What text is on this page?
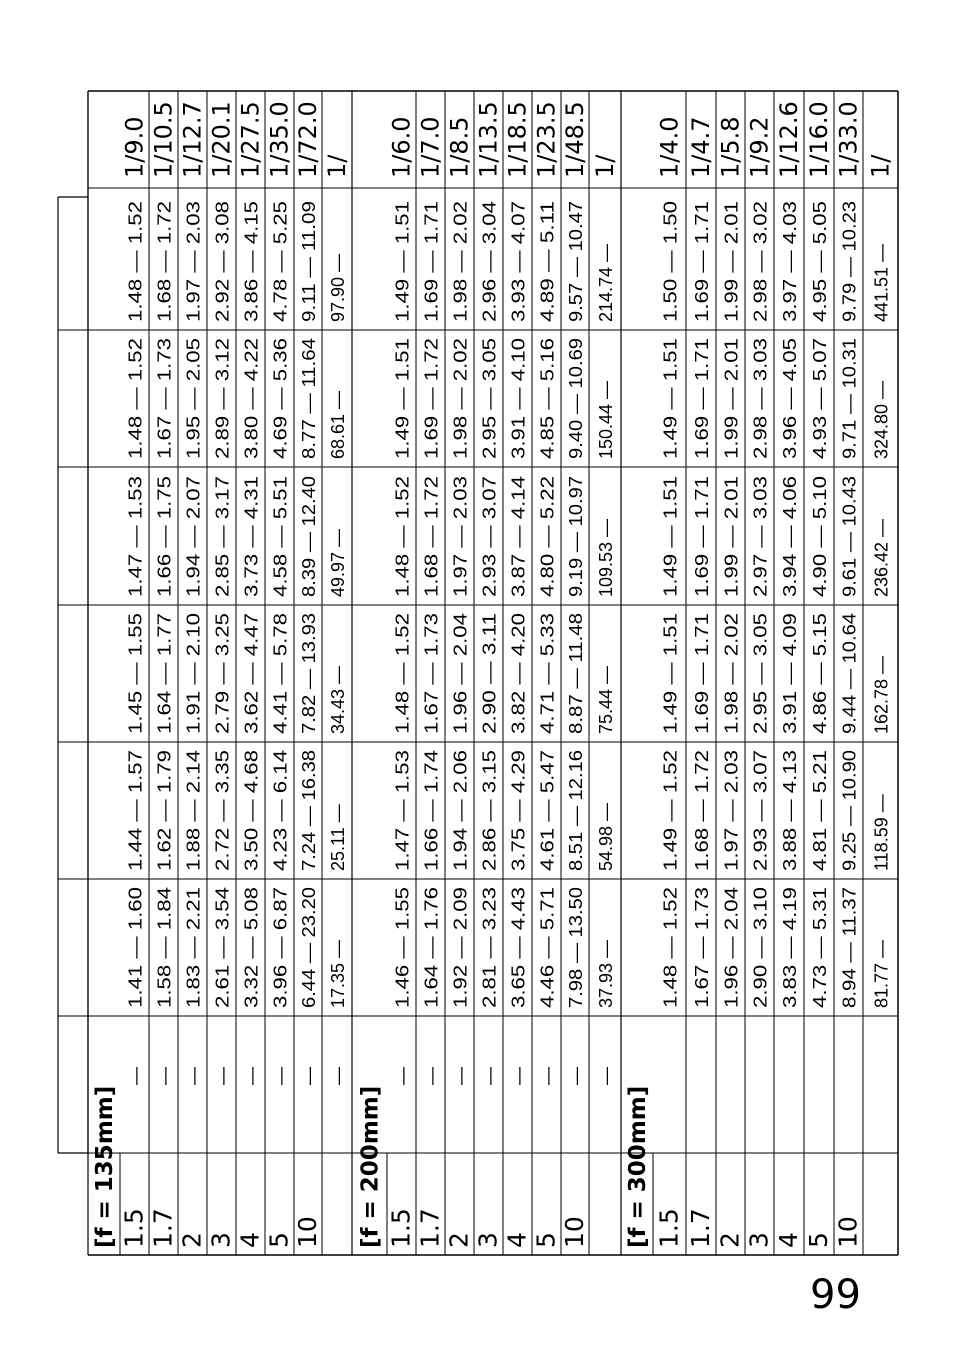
[f = 135mm] 1.5
—
1.48 — 1.52
1.48 — 1.52
1.47 — 1.53
1.45 — 1.55
1.44 — 1.57
1.41 — 1.60
1/9.0
1.7
—
1.68 — 1.72
1.67 — 1.73
1.66 — 1.75
1.64 — 1.77
1.62 — 1.79
1.58 — 1.84
1/10.5
2
—
1.97 — 2.03
1.95 — 2.05
1.94 — 2.07
1.91 — 2.10
1.88 — 2.14
1.83 — 2.21
1/12.7
3
—
2.92 — 3.08
2.89 — 3.12
2.85 — 3.17
2.79 — 3.25
2.72 — 3.35
2.61 — 3.54
1/20.1
4
—
3.86 — 4.15
3.80 — 4.22
3.73 — 4.31
3.62 — 4.47
3.50 — 4.68
3.32 — 5.08
1/27.5
5
—
4.78 — 5.25
4.69 — 5.36
4.58 — 5.51
4.41 — 5.78
4.23 — 6.14
3.96 — 6.87
1/35.0
10
—
9.11 — 11.09
8.77 — 11.64
8.39 — 12.40
7.82 — 13.93
7.24 — 16.38
6.44 — 23.20
1/72.0
—
97.90 —
68.61 —
49.97 —
34.43 —
25.11 —
17.35 —
1/
[f = 200mm] 1.5
—
1.49 — 1.51
1.49 — 1.51
1.48 — 1.52
1.48 — 1.52
1.47 — 1.53
1.46 — 1.55
1/6.0
1.7
—
1.69 — 1.71
1.69 — 1.72
1.68 — 1.72
1.67 — 1.73
1.66 — 1.74
1.64 — 1.76
1/7.0
2
—
1.98 — 2.02
1.98 — 2.02
1.97 — 2.03
1.96 — 2.04
1.94 — 2.06
1.92 — 2.09
1/8.5
3
—
2.96 — 3.04
2.95 — 3.05
2.93 — 3.07
2.90 — 3.11
2.86 — 3.15
2.81 — 3.23
1/13.5
4
—
3.93 — 4.07
3.91 — 4.10
3.87 — 4.14
3.82 — 4.20
3.75 — 4.29
3.65 — 4.43
1/18.5
5
—
4.89 — 5.11
4.85 — 5.16
4.80 — 5.22
4.71 — 5.33
4.61 — 5.47
4.46 — 5.71
1/23.5
10
—
9.57 — 10.47
9.40 — 10.69
9.19 — 10.97
8.87 — 11.48
8.51 — 12.16
7.98 — 13.50
1/48.5
—
214.74 —
150.44 —
109.53 —
75.44 —
54.98 —
37.93 —
1/
[f = 300mm] 1.5
1.50 — 1.50
1.49 — 1.51
1.49 — 1.51
1.49 — 1.51
1.49 — 1.52
1.48 — 1.52
1/4.0
1.7
1.69 — 1.71
1.69 — 1.71
1.69 — 1.71
1.69 — 1.71
1.68 — 1.72
1.67 — 1.73
1/4.7
2
1.99 — 2.01
1.99 — 2.01
1.99 — 2.01
1.98 — 2.02
1.97 — 2.03
1.96 — 2.04
1/5.8
3
2.98 — 3.02
2.98 — 3.03
2.97 — 3.03
2.95 — 3.05
2.93 — 3.07
2.90 — 3.10
1/9.2
4
3.97 — 4.03
3.96 — 4.05
3.94 — 4.06
3.91 — 4.09
3.88 — 4.13
3.83 — 4.19
1/12.6
5
4.95 — 5.05
4.93 — 5.07
4.90 — 5.10
4.86 — 5.15
4.81 — 5.21
4.73 — 5.31
1/16.0
10
9.79 — 10.23
9.71 — 10.31
9.61 — 10.43
9.44 — 10.64
9.25 — 10.90
8.94 — 11.37
1/33.0
441.51 —
324.80 —
236.42 —
162.78 —
118.59 —
81.77 —
1/
99
